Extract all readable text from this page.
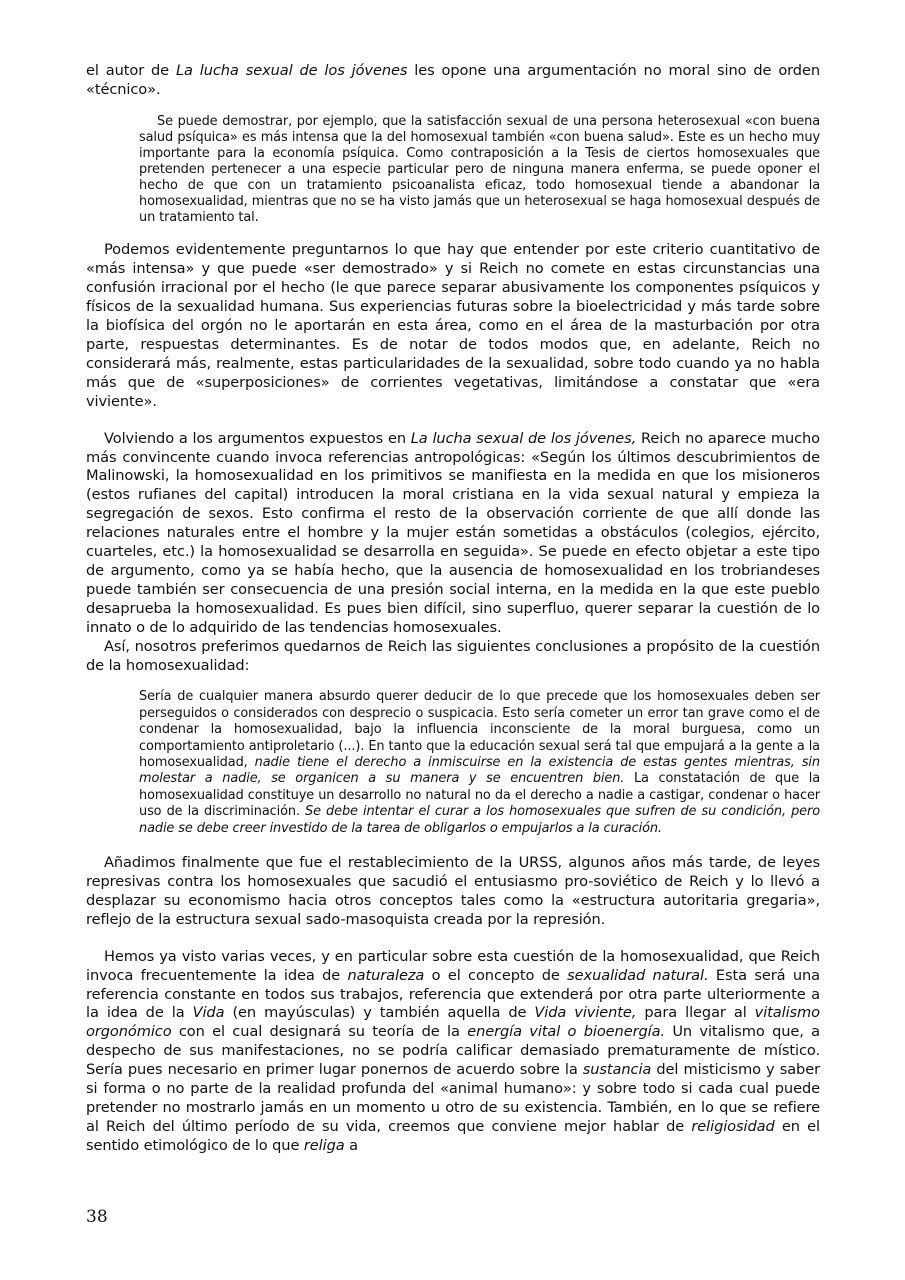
el autor de La lucha sexual de los jóvenes les opone una argumentación no moral sino de orden «técnico».

Se puede demostrar, por ejemplo, que la satisfacción sexual de una persona heterosexual «con buena salud psíquica» es más intensa que la del homosexual también «con buena salud». Este es un hecho muy importante para la economía psíquica. Como contraposición a la Tesis de ciertos homosexuales que pretenden pertenecer a una especie particular pero de ninguna manera enferma, se puede oponer el hecho de que con un tratamiento psicoanalista eficaz, todo homosexual tiende a abandonar la homosexualidad, mientras que no se ha visto jamás que un heterosexual se haga homosexual después de un tratamiento tal.

Podemos evidentemente preguntarnos lo que hay que entender por este criterio cuantitativo de «más intensa» y que puede «ser demostrado» y si Reich no comete en estas circunstancias una confusión irracional por el hecho (le que parece separar abusivamente los componentes psíquicos y físicos de la sexualidad humana. Sus experiencias futuras sobre la bioelectricidad y más tarde sobre la biofísica del orgón no le aportarán en esta área, como en el área de la masturbación por otra parte, respuestas determinantes. Es de notar de todos modos que, en adelante, Reich no considerará más, realmente, estas particularidades de la sexualidad, sobre todo cuando ya no habla más que de «superposiciones» de corrientes vegetativas, limitándose a constatar que «era viviente».

Volviendo a los argumentos expuestos en La lucha sexual de los jóvenes, Reich no aparece mucho más convincente cuando invoca referencias antropológicas: «Según los últimos descubrimientos de Malinowski, la homosexualidad en los primitivos se manifiesta en la medida en que los misioneros (estos rufianes del capital) introducen la moral cristiana en la vida sexual natural y empieza la segregación de sexos. Esto confirma el resto de la observación corriente de que allí donde las relaciones naturales entre el hombre y la mujer están sometidas a obstáculos (colegios, ejército, cuarteles, etc.) la homosexualidad se desarrolla en seguida». Se puede en efecto objetar a este tipo de argumento, como ya se había hecho, que la ausencia de homosexualidad en los trobriandeses puede también ser consecuencia de una presión social interna, en la medida en la que este pueblo desaprueba la homosexualidad. Es pues bien difícil, sino superfluo, querer separar la cuestión de lo innato o de lo adquirido de las tendencias homosexuales.

Así, nosotros preferimos quedarnos de Reich las siguientes conclusiones a propósito de la cuestión de la homosexualidad:

Sería de cualquier manera absurdo querer deducir de lo que precede que los homosexuales deben ser perseguidos o considerados con desprecio o suspicacia. Esto sería cometer un error tan grave como el de condenar la homosexualidad, bajo la influencia inconsciente de la moral burguesa, como un comportamiento antiproletario (...). En tanto que la educación sexual será tal que empujará a la gente a la homosexualidad, nadie tiene el derecho a inmiscuirse en la existencia de estas gentes mientras, sin molestar a nadie, se organicen a su manera y se encuentren bien. La constatación de que la homosexualidad constituye un desarrollo no natural no da el derecho a nadie a castigar, condenar o hacer uso de la discriminación. Se debe intentar el curar a los homosexuales que sufren de su condición, pero nadie se debe creer investido de la tarea de obligarlos o empujarlos a la curación.

Añadimos finalmente que fue el restablecimiento de la URSS, algunos años más tarde, de leyes represivas contra los homosexuales que sacudió el entusiasmo pro-soviético de Reich y lo llevó a desplazar su economismo hacia otros conceptos tales como la «estructura autoritaria gregaria», reflejo de la estructura sexual sado-masoquista creada por la represión.

Hemos ya visto varias veces, y en particular sobre esta cuestión de la homosexualidad, que Reich invoca frecuentemente la idea de naturaleza o el concepto de sexualidad natural. Esta será una referencia constante en todos sus trabajos, referencia que extenderá por otra parte ulteriormente a la idea de la Vida (en mayúsculas) y también aquella de Vida viviente, para llegar al vitalismo orgonómico con el cual designará su teoría de la energía vital o bioenergía. Un vitalismo que, a despecho de sus manifestaciones, no se podría calificar demasiado prematuramente de místico. Sería pues necesario en primer lugar ponernos de acuerdo sobre la sustancia del misticismo y saber si forma o no parte de la realidad profunda del «animal humano»: y sobre todo si cada cual puede pretender no mostrarlo jamás en un momento u otro de su existencia. También, en lo que se refiere al Reich del último período de su vida, creemos que conviene mejor hablar de religiosidad en el sentido etimológico de lo que religa a

38
